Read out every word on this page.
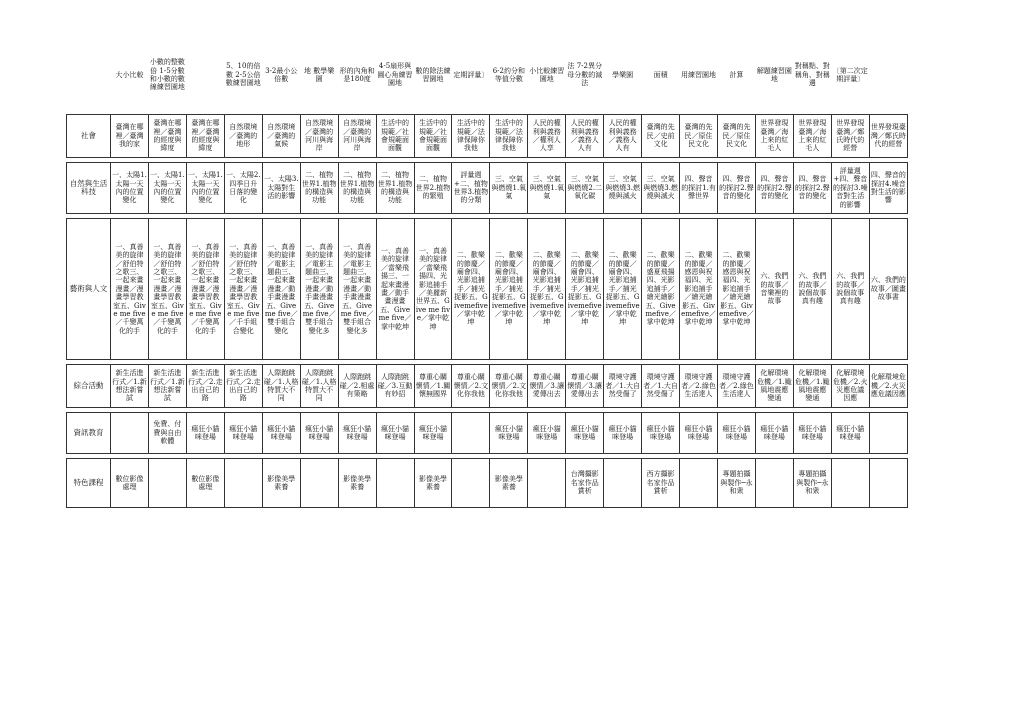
	大小比較	小數的整數倍 1-5分數和小數的數線練習園地		5、10的倍數 2-5公倍數練習園地	3-2最小公倍數	地 數學樂園	形的內角和是180度	4-5扇形與圓心角練習園地	數的除法練習園地	定期評量〕	6-2約分和等值分數	小比較練習園地	法 7-2異分母分數的減法	學樂園	面積	用練習園地	計算	解題練習園地	對稱點、對稱角、對稱邊	〔第二次定期評量〕	

社會	臺灣在哪裡／臺灣我的家	臺灣在哪裡／臺灣的經度與緯度	臺灣在哪裡／臺灣的經度與緯度	自然環境／臺灣的地形	自然環境／臺灣的氣候	自然環境／臺灣的河川與海岸	自然環境／臺灣的河川與海岸	生活中的規範／社會規範面面觀	生活中的規範／社會規範面面觀	生活中的規範／法律保障你我他	生活中的規範／法律保障你我他	人民的權利與義務／權利人人享	人民的權利與義務／義務人人有	人民的權利與義務／義務人人有	臺灣的先民／史前文化	臺灣的先民／原住民文化	臺灣的先民／原住民文化	世界發現臺灣／海上來的紅毛人	世界發現臺灣／海上來的紅毛人	世界發現臺灣／鄭氏時代的經營	世界發現臺灣／鄭氏時代的經營

自然與生活科技	一、太陽1.太陽一天內的位置變化	一、太陽1.太陽一天內的位置變化	一、太陽1.太陽一天內的位置變化	一、太陽2.四季日升日落的變化	一、太陽3.太陽對生活的影響	二、植物世界1.植物的構造與功能	二、植物世界1.植物的構造與功能	二、植物世界1.植物的構造與功能	二、植物世界2.植物的繁殖	評量週+二、植物世界3.植物的分類	三、空氣與燃燒1.氧氣	三、空氣與燃燒1.氧氣	三、空氣與燃燒2.二氧化碳	三、空氣與燃燒3.燃燒與滅火	三、空氣與燃燒3.燃燒與滅火	四、聲音的探討1.有聲世界	四、聲音的探討2.聲音的變化	四、聲音的探討2.聲音的變化	四、聲音的探討2.聲音的變化	評量週+四、聲音的探討3.噪音對生活的影響	四、聲音的探討4.噪音對生活的影響

藝術與人文	一、真善美的旋律／舒伯特之歌三、一起來畫漫畫／漫畫學習教室五、Give me five／千變萬化的手	一、真善美的旋律／舒伯特之歌三、一起來畫漫畫／漫畫學習教室五、Give me five／千變萬化的手	一、真善美的旋律／舒伯特之歌三、一起來畫漫畫／漫畫學習教室五、Give me five／千變萬化的手	一、真善美的旋律／舒伯特之歌三、一起來畫漫畫／漫畫學習教室五、Give me five／千手組合變化	一、真善美的旋律／電影主題曲三、一起來畫漫畫／動手畫漫畫五、Give me five／雙手組合變化	一、真善美的旋律／電影主題曲三、一起來畫漫畫／動手畫漫畫五、Give me five／雙手組合變化多	一、真善美的旋律／電影主題曲三、一起來畫漫畫／動手畫漫畫五、Give me five／雙手組合變化多	一、真善美的旋律／當樂飛揚三、一起來畫漫畫／動手畫漫畫五、Give me five／掌中乾坤	一、真善美的旋律／當樂飛揚四、光影追捕手／美麗新世界五、Give me five／掌中乾坤	二、歡樂的節慶／廟會四、光影追捕手／捕光捉影五、Givemefive／掌中乾坤	二、歡樂的節慶／廟會四、光影追捕手／捕光捉影五、Givemefive／掌中乾坤	二、歡樂的節慶／廟會四、光影追捕手／捕光捉影五、Givemefive／掌中乾坤	二、歡樂的節慶／廟會四、光影追捕手／捕光捉影五、Givemefive／掌中乾坤	二、歡樂的節慶／廟會四、光影追捕手／捕光捉影五、Givemefive／掌中乾坤	二、歡樂的節慶／盛夏飛揚四、光影追捕手／繪光繪影五、Givemefive／掌中乾坤	二、歡樂的節慶／感恩與祝福四、光影追捕手／繪光繪影五、Givemefive／掌中乾坤	二、歡樂的節慶／感恩與祝福四、光影追捕手／繪光繪影五、Givemefive／掌中乾坤	六、我們的故事／音樂裡的故事	六、我們的故事／說個故事真有趣	六、我們的故事／說個故事真有趣	六、我們的故事／圖畫故事書

綜合活動	新生活進行式／1.新想法新嘗試	新生活進行式／1.新想法新嘗試	新生活進行式／2.走出自己的路	新生活進行式／2.走出自己的路	人際跑跳碰／1.人格特質大不同	人際跑跳碰／1.人格特質大不同	人際跑跳碰／2.相處有策略	人際跑跳碰／3.互動有妙招	尊重心關懷情／1.關懷無國界	尊重心關懷情／2.文化你我他	尊重心關懷情／2.文化你我他	尊重心關懷情／3.讓愛傳出去	尊重心關懷情／3.讓愛傳出去	環境守護者／1.大自然受傷了	環境守護者／1.大自然受傷了	環境守護者／2.綠色生活達人	環境守護者／2.綠色生活達人	化解環境危機／1.颱風地震應變通	化解環境危機／1.颱風地震應變通	化解環境危機／2.火災應危議因應	化解環境危機／2.火災應危議因應

資訊教育		免費、付費與自由軟體	瘋狂小貓咪登場	瘋狂小貓咪登場	瘋狂小貓咪登場	瘋狂小貓咪登場	瘋狂小貓咪登場	瘋狂小貓咪登場	瘋狂小貓咪登場		瘋狂小貓咪登場	瘋狂小貓咪登場	瘋狂小貓咪登場	瘋狂小貓咪登場	瘋狂小貓咪登場	瘋狂小貓咪登場	瘋狂小貓咪登場	瘋狂小貓咪登場	瘋狂小貓咪登場	瘋狂小貓咪登場	

特色課程	數位影像處理		數位影像處理		影像美學素養		影像美學素養		影像美學素養		影像美學素養		台灣攝影名家作品賞析		西方攝影名家作品賞析		專題拍攝與製作─永和衆		專題拍攝與製作─永和衆		
